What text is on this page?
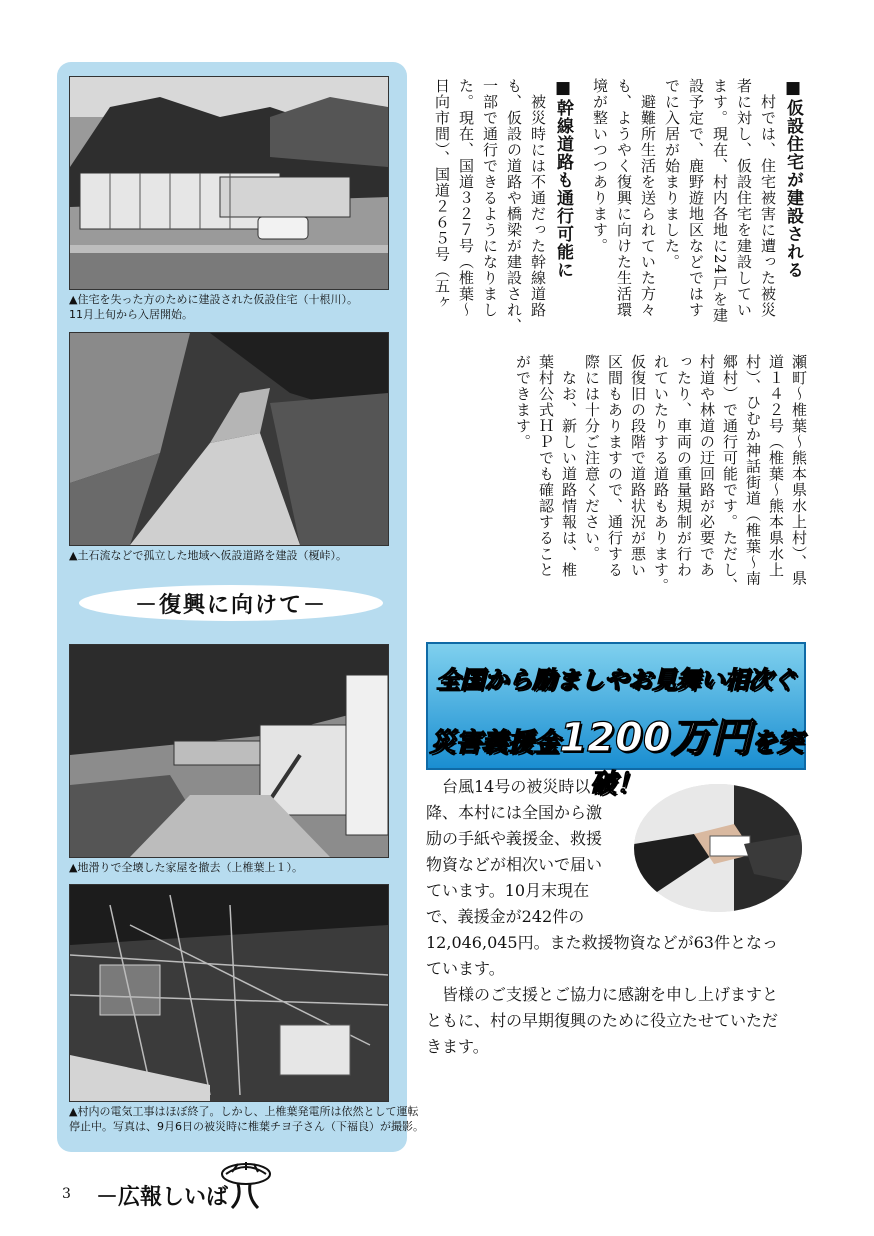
▲住宅を失った方のために建設された仮設住宅（十根川）。
11月上旬から入居開始。
▲土石流などで孤立した地域へ仮設道路を建設（榎峠）。
－復興に向けて－
▲地滑りで全壊した家屋を撤去（上椎葉上１）。
▲村内の電気工事はほぼ終了。しかし、上椎葉発電所は依然として運転
停止中。写真は、9月6日の被災時に椎葉チヨ子さん（下福良）が撮影。
■仮設住宅が建設される
　村では、住宅被害に遭った被災
者に対し、仮設住宅を建設してい
ます。現在、村内各地に24戸を建
設予定で、鹿野遊地区などではす
でに入居が始まりました。
　避難所生活を送られていた方々
も、ようやく復興に向けた生活環
境が整いつつあります。
■幹線道路も通行可能に
　被災時には不通だった幹線道路
も、仮設の道路や橋梁が建設され、
一部で通行できるようになりまし
た。現在、国道３２７号（椎葉～
日向市間）、国道２６５号（五ヶ
瀬町～椎葉～熊本県水上村）、県
道１４２号（椎葉～熊本県水上
村）、ひむか神話街道（椎葉～南
郷村）で通行可能です。ただし、
村道や林道の迂回路が必要であ
ったり、車両の重量規制が行わ
れていたりする道路もあります。
仮復旧の段階で道路状況が悪い
区間もありますので、通行する
際には十分ご注意ください。
　なお、新しい道路情報は、椎
葉村公式ＨＰでも確認すること
ができます。
全国から励ましやお見舞い相次ぐ
災害義援金1200万円を突破！
台風14号の被災時以
降、本村には全国から激
励の手紙や義援金、救援
物資などが相次いで届い
ています。10月末現在
で、義援金が242件の
12,046,045円。また救援物資などが63件となっ
ています。
　皆様のご支援とご協力に感謝を申し上げますと
ともに、村の早期復興のために役立たせていただ
きます。
3 －広報しいば
